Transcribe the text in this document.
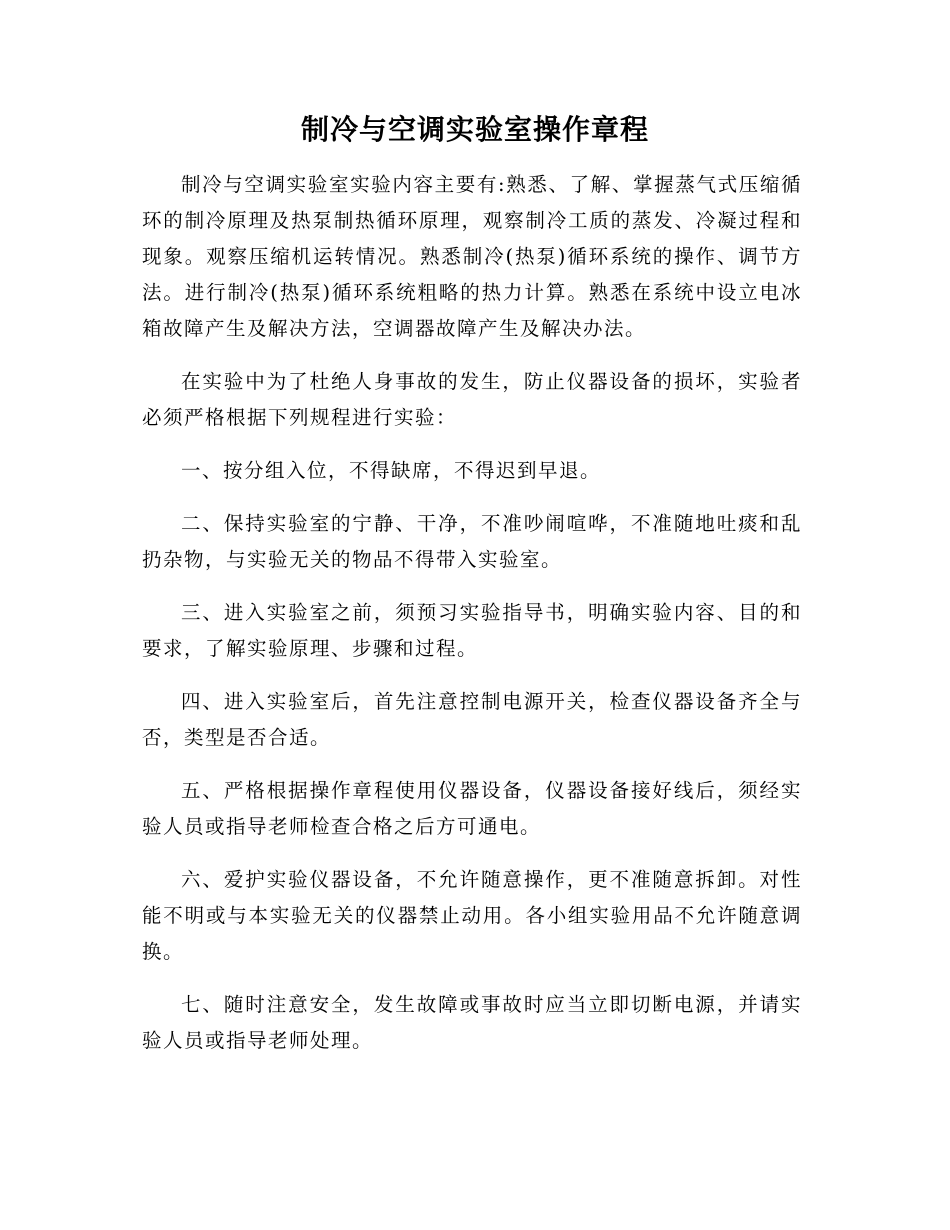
制冷与空调实验室操作章程

制冷与空调实验室实验内容主要有:熟悉、了解、掌握蒸气式压缩循环的制冷原理及热泵制热循环原理，观察制冷工质的蒸发、冷凝过程和现象。观察压缩机运转情况。熟悉制冷(热泵)循环系统的操作、调节方法。进行制冷(热泵)循环系统粗略的热力计算。熟悉在系统中设立电冰箱故障产生及解决方法，空调器故障产生及解决办法。

在实验中为了杜绝人身事故的发生，防止仪器设备的损坏，实验者必须严格根据下列规程进行实验：

一、按分组入位，不得缺席，不得迟到早退。

二、保持实验室的宁静、干净，不准吵闹喧哗，不准随地吐痰和乱扔杂物，与实验无关的物品不得带入实验室。

三、进入实验室之前，须预习实验指导书，明确实验内容、目的和要求，了解实验原理、步骤和过程。

四、进入实验室后，首先注意控制电源开关，检查仪器设备齐全与否，类型是否合适。

五、严格根据操作章程使用仪器设备，仪器设备接好线后，须经实验人员或指导老师检查合格之后方可通电。

六、爱护实验仪器设备，不允许随意操作，更不准随意拆卸。对性能不明或与本实验无关的仪器禁止动用。各小组实验用品不允许随意调换。

七、随时注意安全，发生故障或事故时应当立即切断电源，并请实验人员或指导老师处理。
